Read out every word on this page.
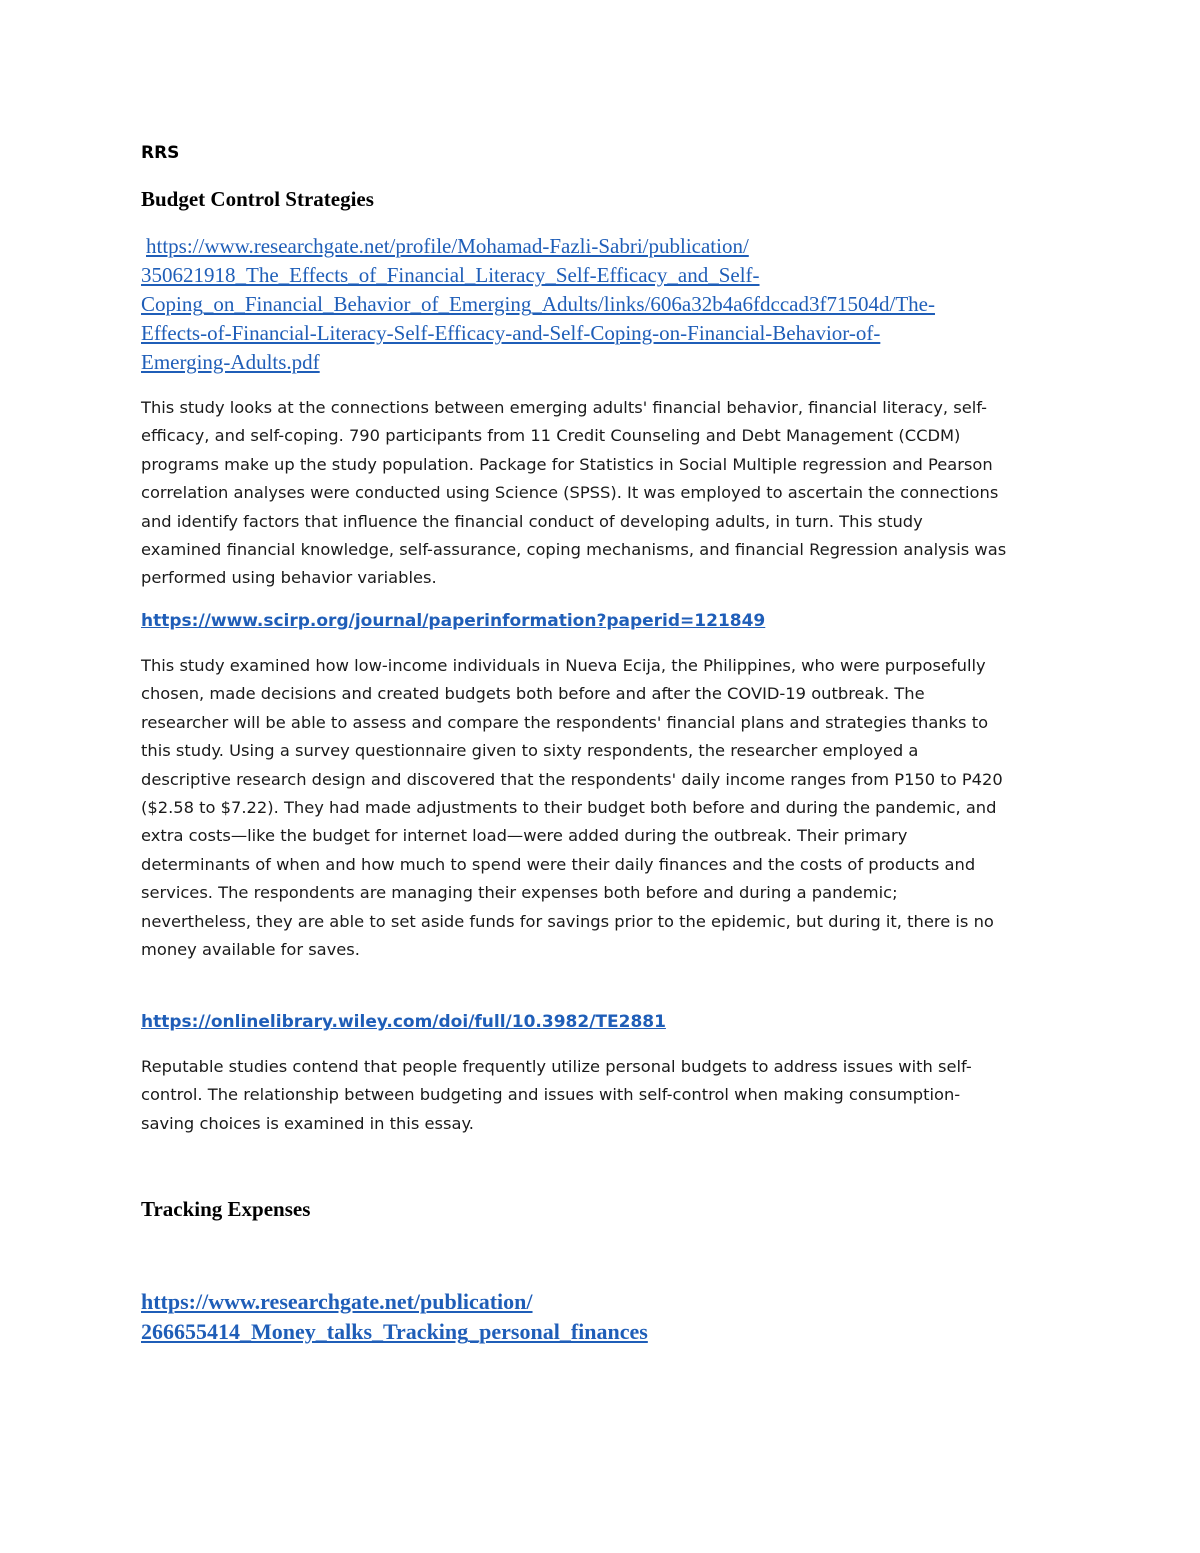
RRS
Budget Control Strategies
https://www.researchgate.net/profile/Mohamad-Fazli-Sabri/publication/
350621918_The_Effects_of_Financial_Literacy_Self-Efficacy_and_Self-
Coping_on_Financial_Behavior_of_Emerging_Adults/links/606a32b4a6fdccad3f71504d/The-
Effects-of-Financial-Literacy-Self-Efficacy-and-Self-Coping-on-Financial-Behavior-of-
Emerging-Adults.pdf
This study looks at the connections between emerging adults' financial behavior, financial literacy, self-
efficacy, and self-coping. 790 participants from 11 Credit Counseling and Debt Management (CCDM)
programs make up the study population. Package for Statistics in Social Multiple regression and Pearson
correlation analyses were conducted using Science (SPSS). It was employed to ascertain the connections
and identify factors that influence the financial conduct of developing adults, in turn. This study
examined financial knowledge, self-assurance, coping mechanisms, and financial Regression analysis was
performed using behavior variables.
https://www.scirp.org/journal/paperinformation?paperid=121849
This study examined how low-income individuals in Nueva Ecija, the Philippines, who were purposefully
chosen, made decisions and created budgets both before and after the COVID-19 outbreak. The
researcher will be able to assess and compare the respondents' financial plans and strategies thanks to
this study. Using a survey questionnaire given to sixty respondents, the researcher employed a
descriptive research design and discovered that the respondents' daily income ranges from P150 to P420
($2.58 to $7.22). They had made adjustments to their budget both before and during the pandemic, and
extra costs—like the budget for internet load—were added during the outbreak. Their primary
determinants of when and how much to spend were their daily finances and the costs of products and
services. The respondents are managing their expenses both before and during a pandemic;
nevertheless, they are able to set aside funds for savings prior to the epidemic, but during it, there is no
money available for saves.
https://onlinelibrary.wiley.com/doi/full/10.3982/TE2881
Reputable studies contend that people frequently utilize personal budgets to address issues with self-
control. The relationship between budgeting and issues with self-control when making consumption-
saving choices is examined in this essay.
Tracking Expenses
https://www.researchgate.net/publication/
266655414_Money_talks_Tracking_personal_finances
